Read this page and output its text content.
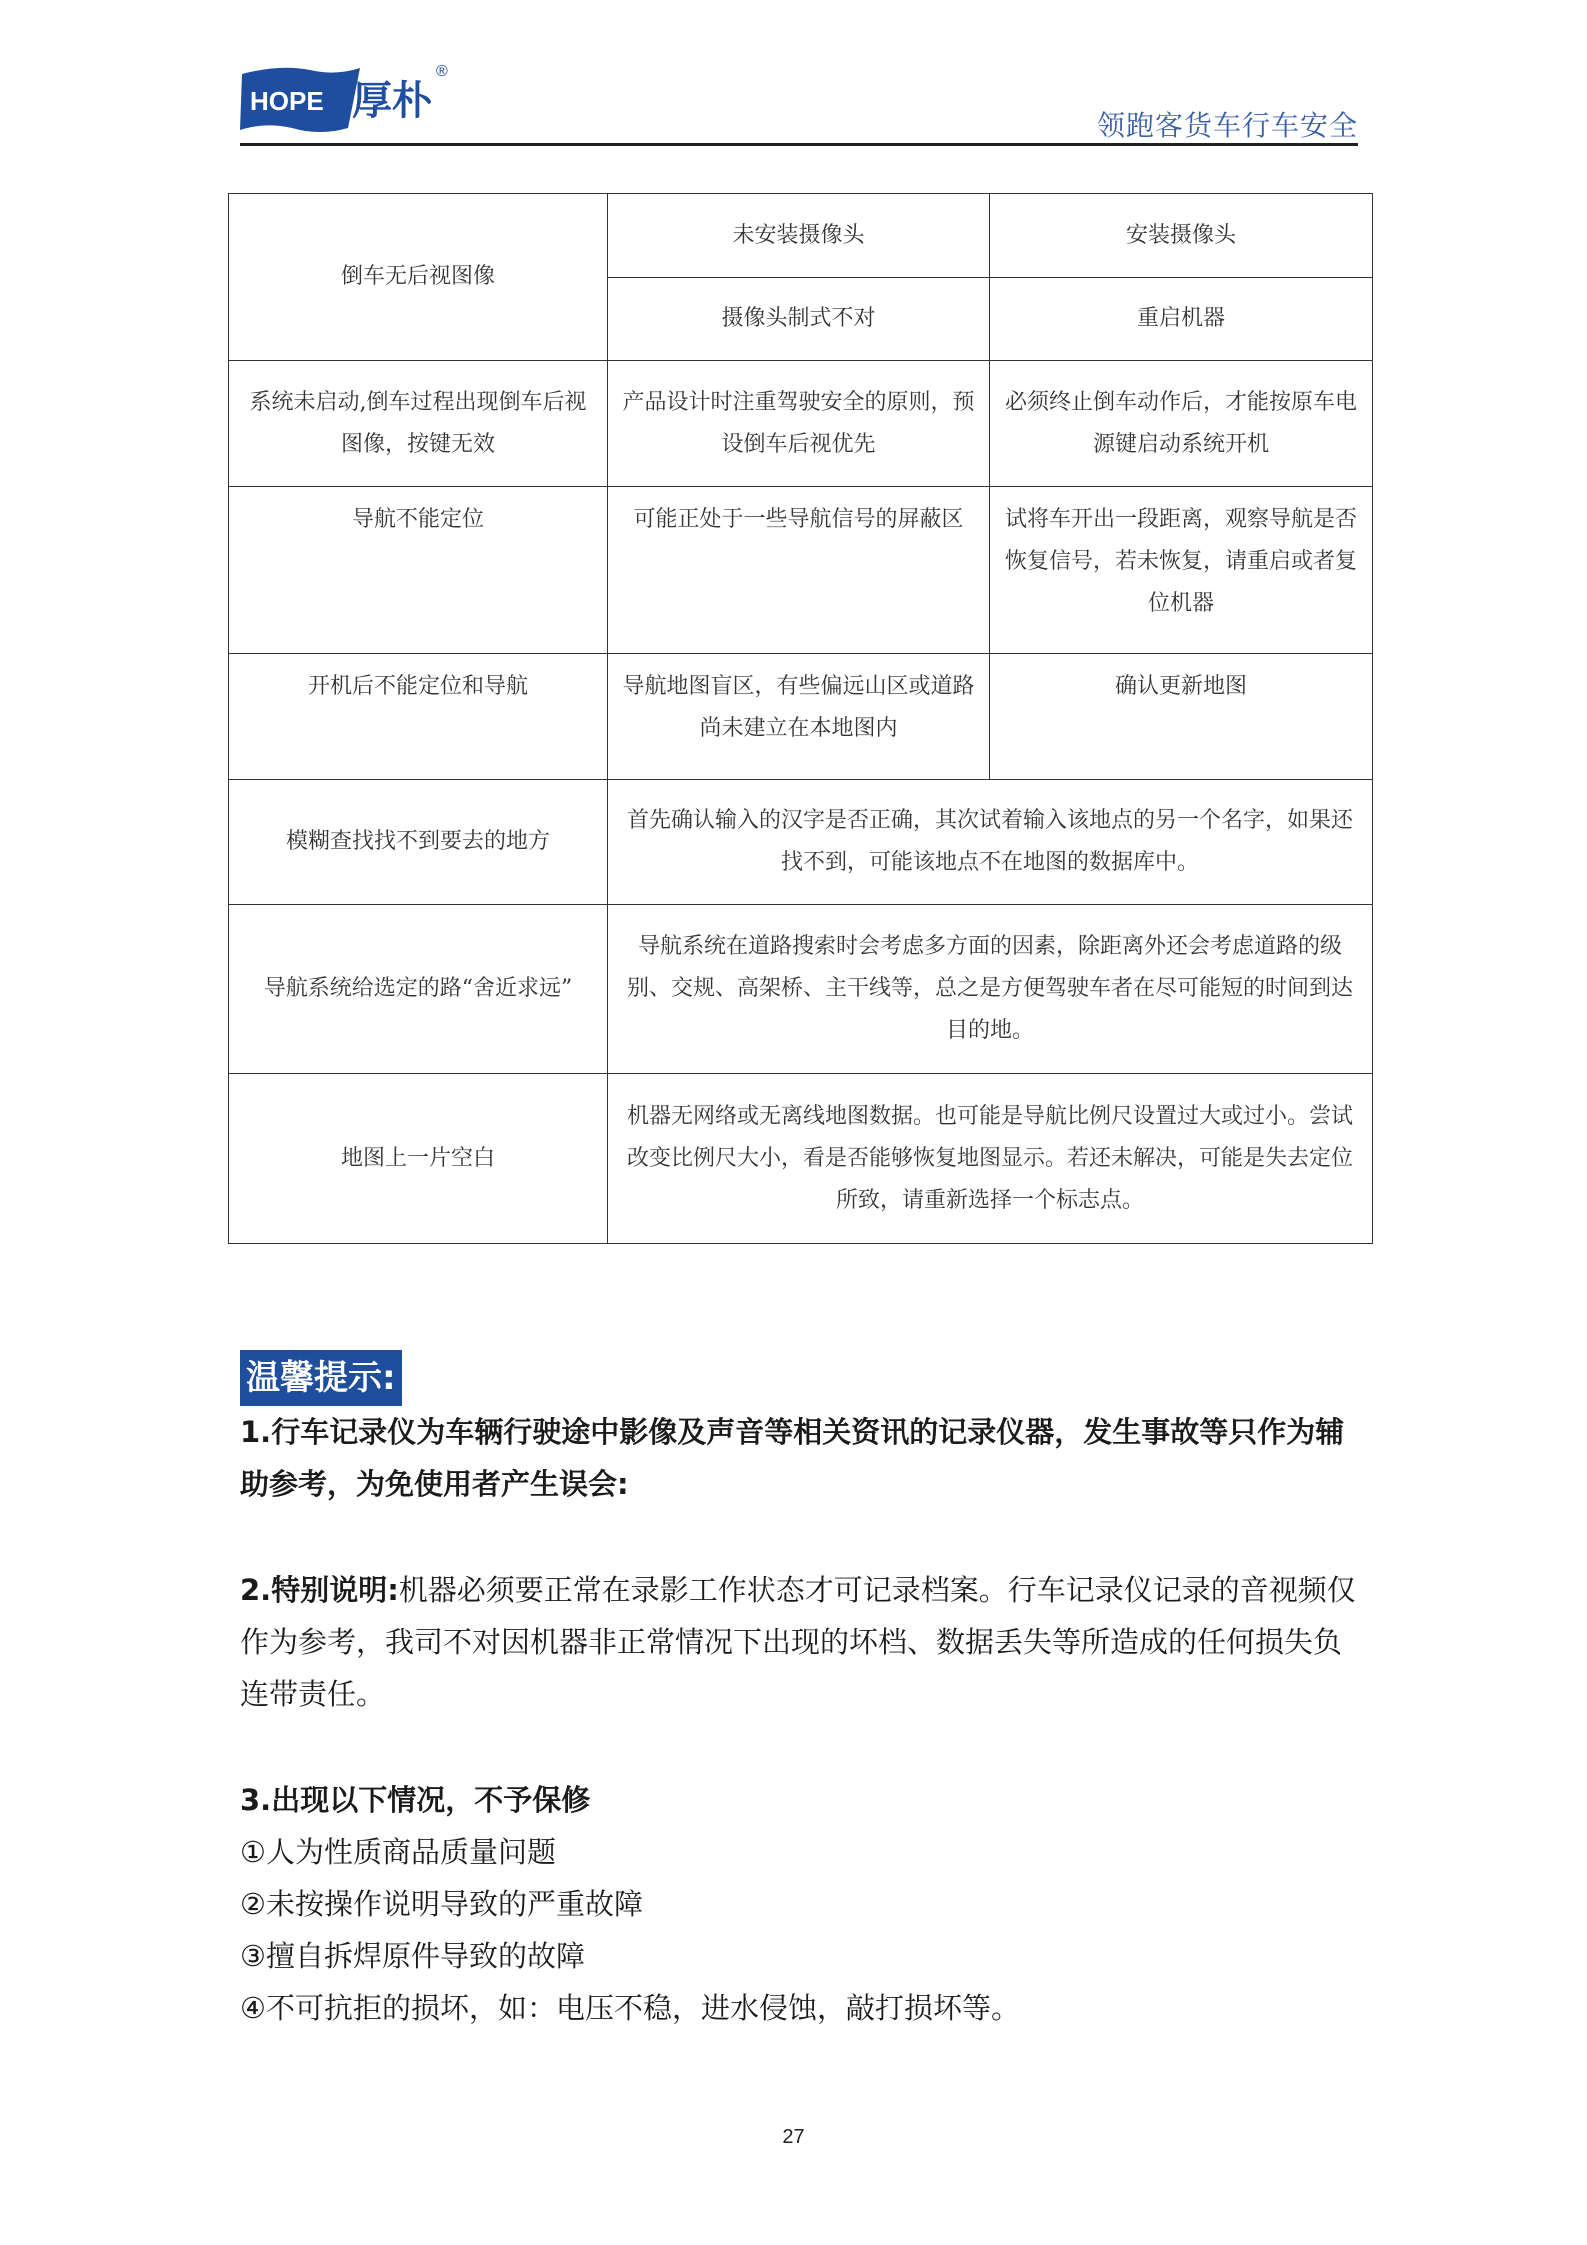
HOPE 厚朴
®
领跑客货车行车安全
倒车无后视图像	未安装摄像头	安装摄像头
	摄像头制式不对	重启机器
系统未启动,倒车过程出现倒车后视图像，按键无效	产品设计时注重驾驶安全的原则，预设倒车后视优先	必须终止倒车动作后，才能按原车电源键启动系统开机
导航不能定位	可能正处于一些导航信号的屏蔽区	试将车开出一段距离，观察导航是否恢复信号，若未恢复，请重启或者复位机器
开机后不能定位和导航	导航地图盲区，有些偏远山区或道路尚未建立在本地图内	确认更新地图
模糊查找找不到要去的地方	首先确认输入的汉字是否正确，其次试着输入该地点的另一个名字，如果还找不到，可能该地点不在地图的数据库中。	
导航系统给选定的路“舍近求远”	导航系统在道路搜索时会考虑多方面的因素，除距离外还会考虑道路的级别、交规、高架桥、主干线等，总之是方便驾驶车者在尽可能短的时间到达目的地。	
地图上一片空白	机器无网络或无离线地图数据。也可能是导航比例尺设置过大或过小。尝试改变比例尺大小，看是否能够恢复地图显示。若还未解决，可能是失去定位所致，请重新选择一个标志点。	
温馨提示:

1.行车记录仪为车辆行驶途中影像及声音等相关资讯的记录仪器，发生事故等只作为辅助参考，为免使用者产生误会:

2.特别说明:机器必须要正常在录影工作状态才可记录档案。行车记录仪记录的音视频仅作为参考，我司不对因机器非正常情况下出现的坏档、数据丢失等所造成的任何损失负连带责任。

3.出现以下情况，不予保修

①人为性质商品质量问题

②未按操作说明导致的严重故障

③擅自拆焊原件导致的故障

④不可抗拒的损坏，如：电压不稳，进水侵蚀，敲打损坏等。

27
